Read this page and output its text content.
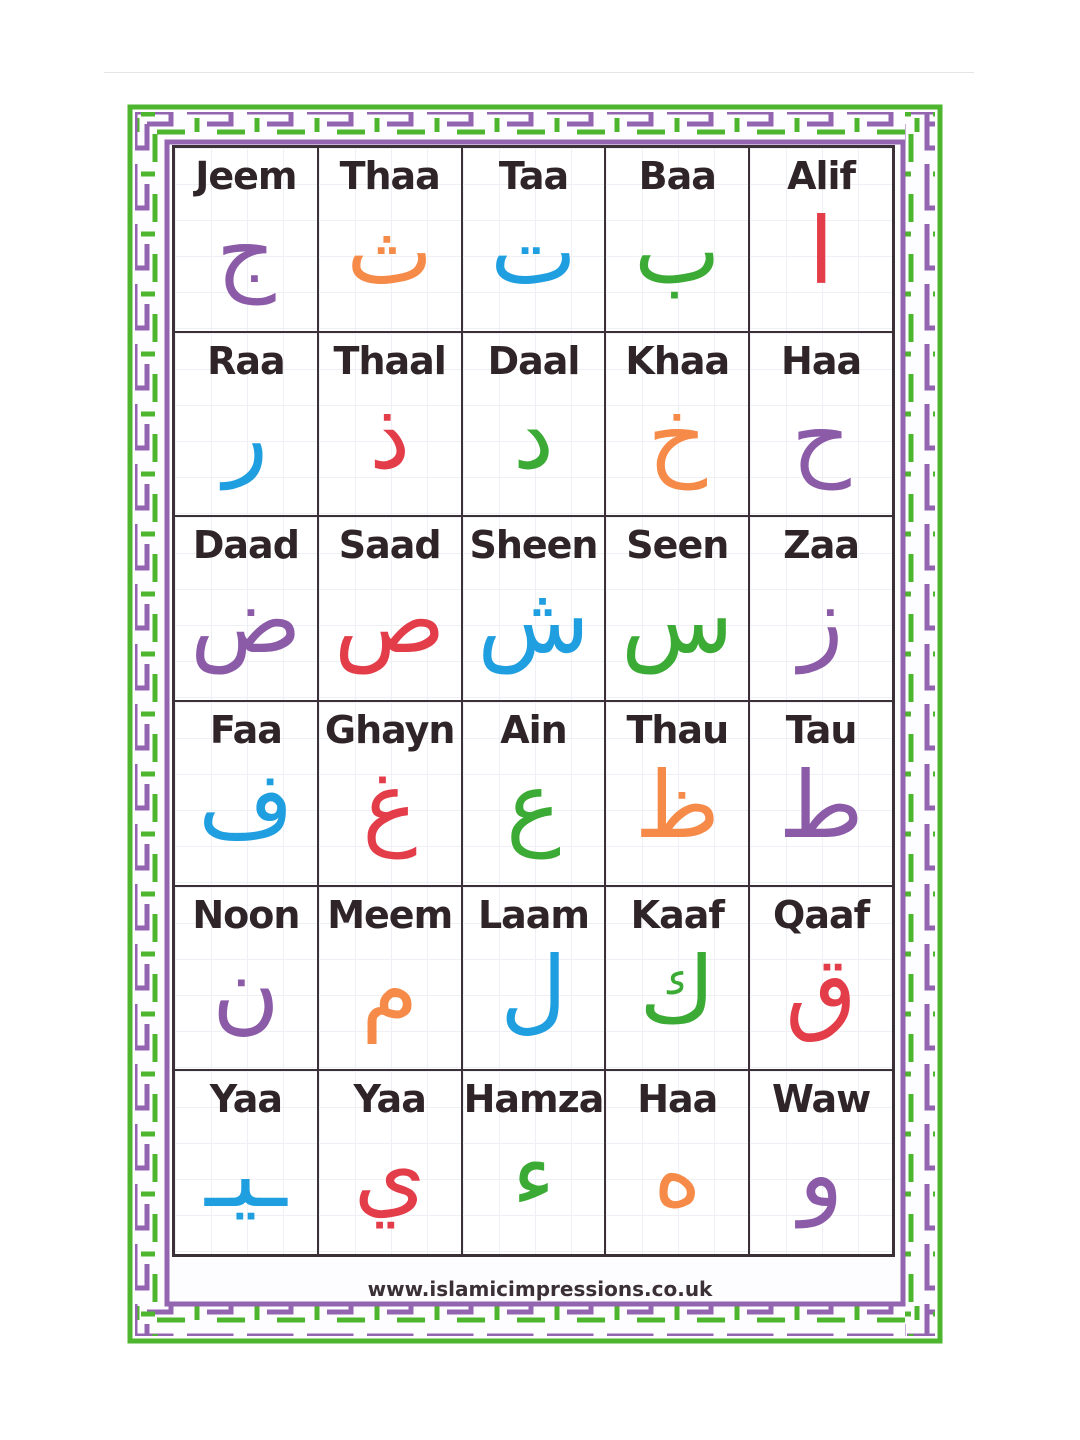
Jeem
ج
Thaa
ث
Taa
ت
Baa
ب
Alif
ا
Raa
ر
Thaal
ذ
Daal
د
Khaa
خ
Haa
ح
Daad
ض
Saad
ص
Sheen
ش
Seen
س
Zaa
ز
Faa
ف
Ghayn
غ
Ain
ع
Thau
ظ
Tau
ط
Noon
ن
Meem
م
Laam
ل
Kaaf
ك
Qaaf
ق
Yaa
ـيـ
Yaa
ي
Hamza
ء
Haa
ه
Waw
و
www.islamicimpressions.co.uk
